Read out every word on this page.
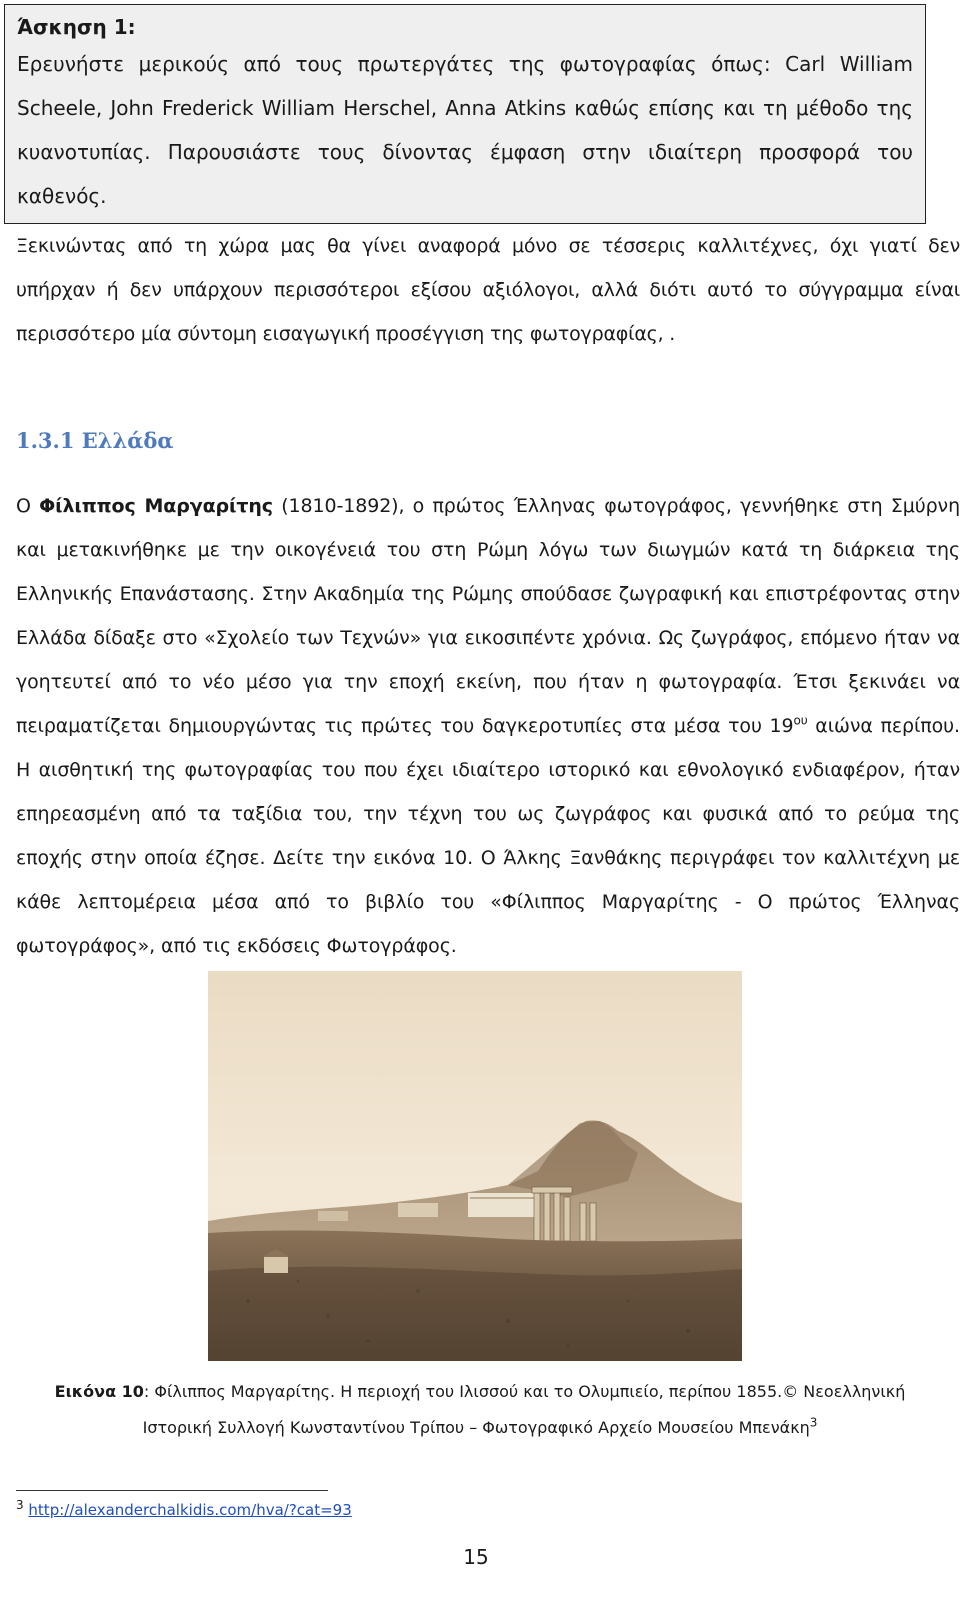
Άσκηση 1:
Ερευνήστε μερικούς από τους πρωτεργάτες της φωτογραφίας όπως: Carl William Scheele, John Frederick William Herschel, Anna Atkins καθώς επίσης και τη μέθοδο της κυανοτυπίας. Παρουσιάστε τους δίνοντας έμφαση στην ιδιαίτερη προσφορά του καθενός.
Ξεκινώντας από τη χώρα μας θα γίνει αναφορά μόνο σε τέσσερις καλλιτέχνες, όχι γιατί δεν υπήρχαν ή δεν υπάρχουν περισσότεροι εξίσου αξιόλογοι, αλλά διότι αυτό το σύγγραμμα είναι περισσότερο μία σύντομη εισαγωγική προσέγγιση της φωτογραφίας, .
1.3.1 Ελλάδα
Ο Φίλιππος Μαργαρίτης (1810-1892), ο πρώτος Έλληνας φωτογράφος, γεννήθηκε στη Σμύρνη και μετακινήθηκε με την οικογένειά του στη Ρώμη λόγω των διωγμών κατά τη διάρκεια της Ελληνικής Επανάστασης. Στην Ακαδημία της Ρώμης σπούδασε ζωγραφική και επιστρέφοντας στην Ελλάδα δίδαξε στο «Σχολείο των Τεχνών» για εικοσιπέντε χρόνια. Ως ζωγράφος, επόμενο ήταν να γοητευτεί από το νέο μέσο για την εποχή εκείνη, που ήταν η φωτογραφία. Έτσι ξεκινάει να πειραματίζεται δημιουργώντας τις πρώτες του δαγκεροτυπίες στα μέσα του $19^{o\upsilon}$ αιώνα περίπου. Η αισθητική της φωτογραφίας του που έχει ιδιαίτερο ιστορικό και εθνολογικό ενδιαφέρον, ήταν επηρεασμένη από τα ταξίδια του, την τέχνη του ως ζωγράφος και φυσικά από το ρεύμα της εποχής στην οποία έζησε. Δείτε την εικόνα 10. Ο Άλκης Ξανθάκης περιγράφει τον καλλιτέχνη με κάθε λεπτομέρεια μέσα από το βιβλίο του «Φίλιππος Μαργαρίτης - Ο πρώτος Έλληνας φωτογράφος», από τις εκδόσεις Φωτογράφος.
Εικόνα 10: Φίλιππος Μαργαρίτης. Η περιοχή του Ιλισσού και το Ολυμπιείο, περίπου 1855.© Νεοελληνική
Ιστορική Συλλογή Κωνσταντίνου Τρίπου – Φωτογραφικό Αρχείο Μουσείου Μπενάκη$^3$
$^3$ http://alexanderchalkidis.com/hva/?cat=93
15
